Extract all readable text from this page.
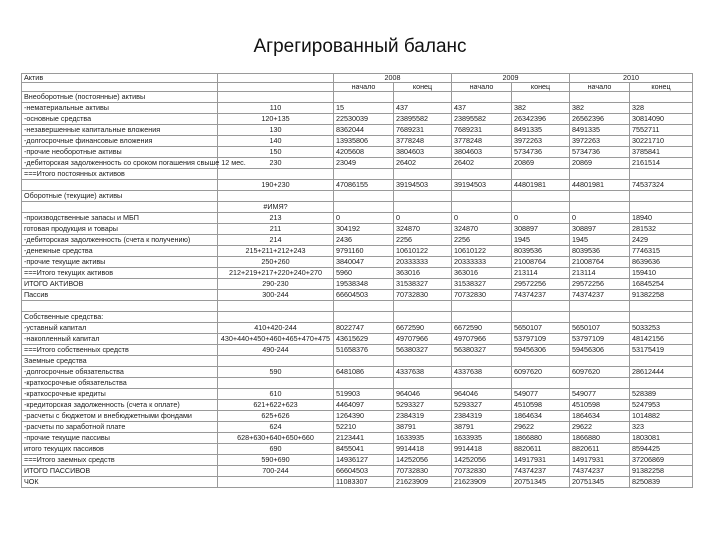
Агрегированный баланс
Актив		2008		2009		2010	
		начало	конец	начало	конец	начало	конец
Внеоборотные (постоянные) активы							
-нематериальные активы	110	15	437	437	382	382	328
-основные средства	120+135	22530039	23895582	23895582	26342396	26562396	30814090
-незавершенные капитальные вложения	130	8362044	7689231	7689231	8491335	8491335	7552711
-долгосрочные финансовые вложения	140	13935806	3778248	3778248	3972263	3972263	30221710
-прочие необоротные активы	150	4205608	3804603	3804603	5734736	5734736	3785841
-дебиторская задолженность со сроком погашения свыше 12 мес.	230	23049	26402	26402	20869	20869	2161514
===Итого постоянных активов							
	190+230	47086155	39194503	39194503	44801981	44801981	74537324
Оборотные (текущие) активы							
	#ИМЯ?						
-производственные запасы и МБП	213	0	0	0	0	0	18940
готовая продукция и товары	211	304192	324870	324870	308897	308897	281532
-дебиторская задолженность (счета к получению)	214	2436	2256	2256	1945	1945	2429
-денежные средства	215+211+212+243	9791160	10610122	10610122	8039536	8039536	7746315
-прочие текущие активы	250+260	3840047	20333333	20333333	21008764	21008764	8639636
===Итого текущих активов	212+219+217+220+240+270	5960	363016	363016	213114	213114	159410
ИТОГО АКТИВОВ	290-230	19538348	31538327	31538327	29572256	29572256	16845254
Пассив	300-244	66604503	70732830	70732830	74374237	74374237	91382258

Собственные средства:							
-уставный капитал	410+420-244	8022747	6672590	6672590	5650107	5650107	5033253
-накопленный капитал	430+440+450+460+465+470+475	43615629	49707966	49707966	53797109	53797109	48142156
===Итого собственных средств	490-244	51658376	56380327	56380327	59456306	59456306	53175419
Заемные средства							
-долгосрочные обязательства	590	6481086	4337638	4337638	6097620	6097620	28612444
-краткосрочные обязательства							
-краткосрочные кредиты	610	519903	964046	964046	549077	549077	528389
-кредиторская задолженность (счета к оплате)	621+622+623	4464097	5293327	5293327	4510598	4510598	5247953
-расчеты с бюджетом и внебюджетными фондами	625+626	1264390	2384319	2384319	1864634	1864634	1014882
-расчеты по заработной плате	624	52210	38791	38791	29622	29622	323
-прочие текущие пассивы	628+630+640+650+660	2123441	1633935	1633935	1866880	1866880	1803081
итого текущих пассивов	690	8455041	9914418	9914418	8820611	8820611	8594425
===Итого заемных средств	590+690	14936127	14252056	14252056	14917931	14917931	37206869
ИТОГО ПАССИВОВ	700-244	66604503	70732830	70732830	74374237	74374237	91382258
ЧОК		11083307	21623909	21623909	20751345	20751345	8250839
